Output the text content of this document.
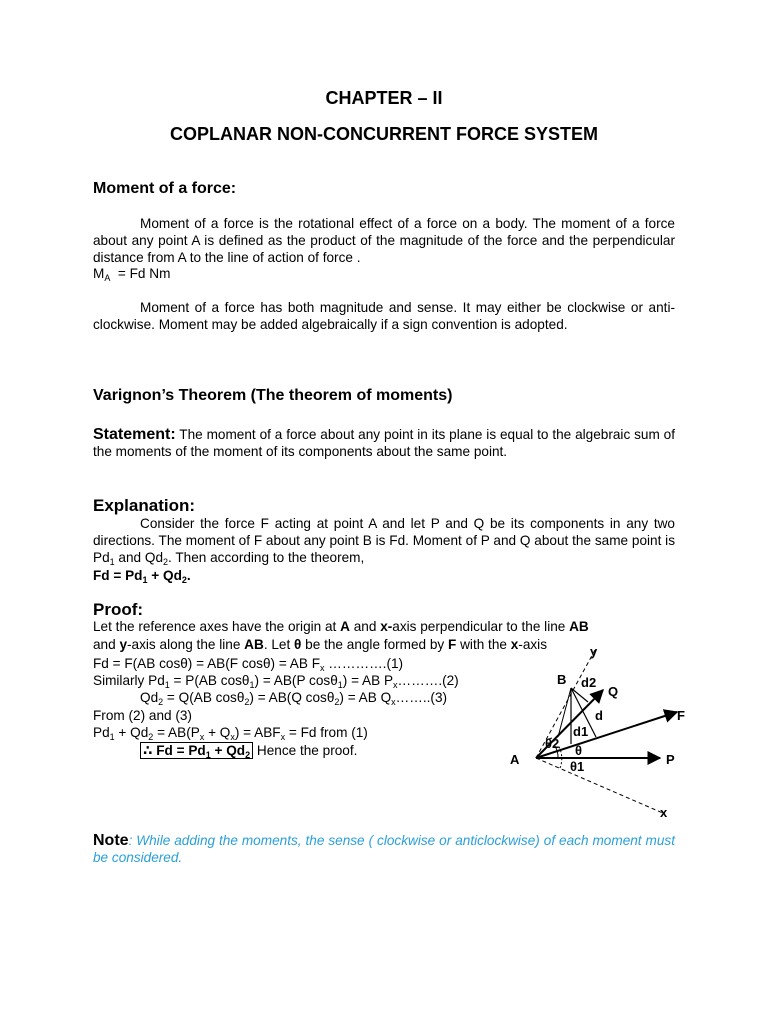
CHAPTER – II
COPLANAR NON-CONCURRENT FORCE SYSTEM
Moment of a force:
Moment of a force is the rotational effect of a force on a body. The moment of a force about any point A is defined as the product of the magnitude of the force and the perpendicular distance from A to the line of action of force .
$M_A = Fd$ Nm
Moment of a force has both magnitude and sense. It may either be clockwise or anti-clockwise. Moment may be added algebraically if a sign convention is adopted.
Varignon’s Theorem (The theorem of moments)
Statement: The moment of a force about any point in its plane is equal to the algebraic sum of the moments of the moment of its components about the same point.
Explanation:
Consider the force F acting at point A and let P and Q be its components in any two directions. The moment of F about any point B is Fd. Moment of P and Q about the same point is $Pd_1$ and $Qd_2$. Then according to the theorem,
$Fd = Pd_1 + Qd_2$.
Proof:
Let the reference axes have the origin at A and x-axis perpendicular to the line AB
and y-axis along the line AB. Let θ be the angle formed by F with the x-axis
Fd = F(AB cosθ) = AB(F cosθ) = AB $F_x$ ………….(1)
Similarly $Pd_1 = P(AB$ cosθ$_1$) = AB(P cosθ$_1$) = AB $P_x\dots\dots\dots.(2)$
$Qd_2 = Q(AB$ cosθ$_2$) = AB(Q cosθ$_2$) = AB $Q_x\dots\dots..(3)$
From (2) and (3)
$Pd_1 + Qd_2 = AB(P_x + Q_x) = ABF_x = Fd$ from (1)
∴ $Fd = Pd_1 + Qd_2$ Hence the proof.
Note: While adding the moments, the sense ( clockwise or anticlockwise) of each moment must be considered.
y
B d2
Q
d	F
d1
θ2 θ
A	P
θ1
x
